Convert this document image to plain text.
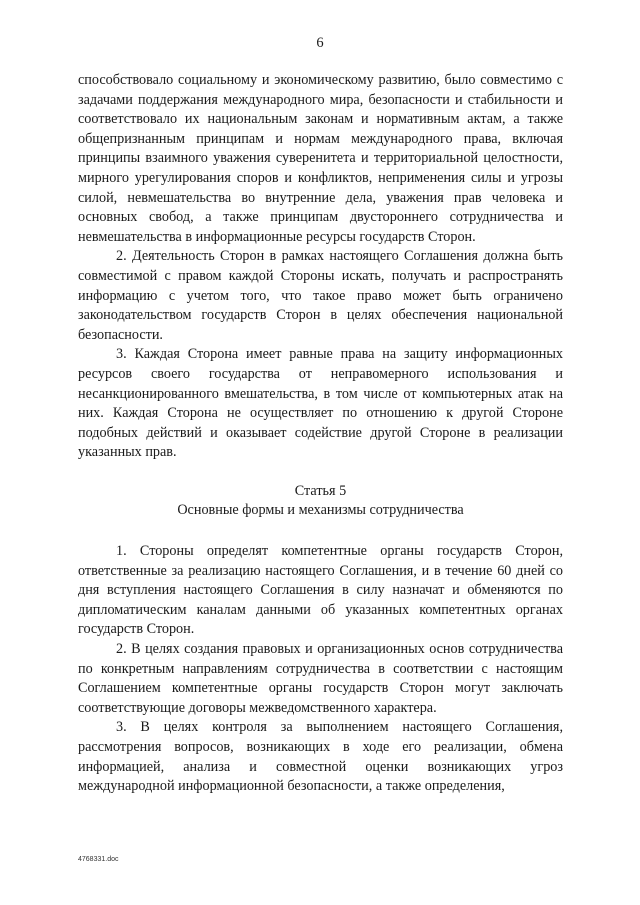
6

способствовало социальному и экономическому развитию, было совместимо с задачами поддержания международного мира, безопасности и стабильности и соответствовало их национальным законам и нормативным актам, а также общепризнанным принципам и нормам международного права, включая принципы взаимного уважения суверенитета и территориальной целостности, мирного урегулирования споров и конфликтов, неприменения силы и угрозы силой, невмешательства во внутренние дела, уважения прав человека и основных свобод, а также принципам двустороннего сотрудничества и невмешательства в информационные ресурсы государств Сторон.

2. Деятельность Сторон в рамках настоящего Соглашения должна быть совместимой с правом каждой Стороны искать, получать и распространять информацию с учетом того, что такое право может быть ограничено законодательством государств Сторон в целях обеспечения национальной безопасности.

3. Каждая Сторона имеет равные права на защиту информационных ресурсов своего государства от неправомерного использования и несанкционированного вмешательства, в том числе от компьютерных атак на них. Каждая Сторона не осуществляет по отношению к другой Стороне подобных действий и оказывает содействие другой Стороне в реализации указанных прав.

Статья 5
Основные формы и механизмы сотрудничества

1. Стороны определят компетентные органы государств Сторон, ответственные за реализацию настоящего Соглашения, и в течение 60 дней со дня вступления настоящего Соглашения в силу назначат и обменяются по дипломатическим каналам данными об указанных компетентных органах государств Сторон.

2. В целях создания правовых и организационных основ сотрудничества по конкретным направлениям сотрудничества в соответствии с настоящим Соглашением компетентные органы государств Сторон могут заключать соответствующие договоры межведомственного характера.

3. В целях контроля за выполнением настоящего Соглашения, рассмотрения вопросов, возникающих в ходе его реализации, обмена информацией, анализа и совместной оценки возникающих угроз международной информационной безопасности, а также определения,

4768331.doc
